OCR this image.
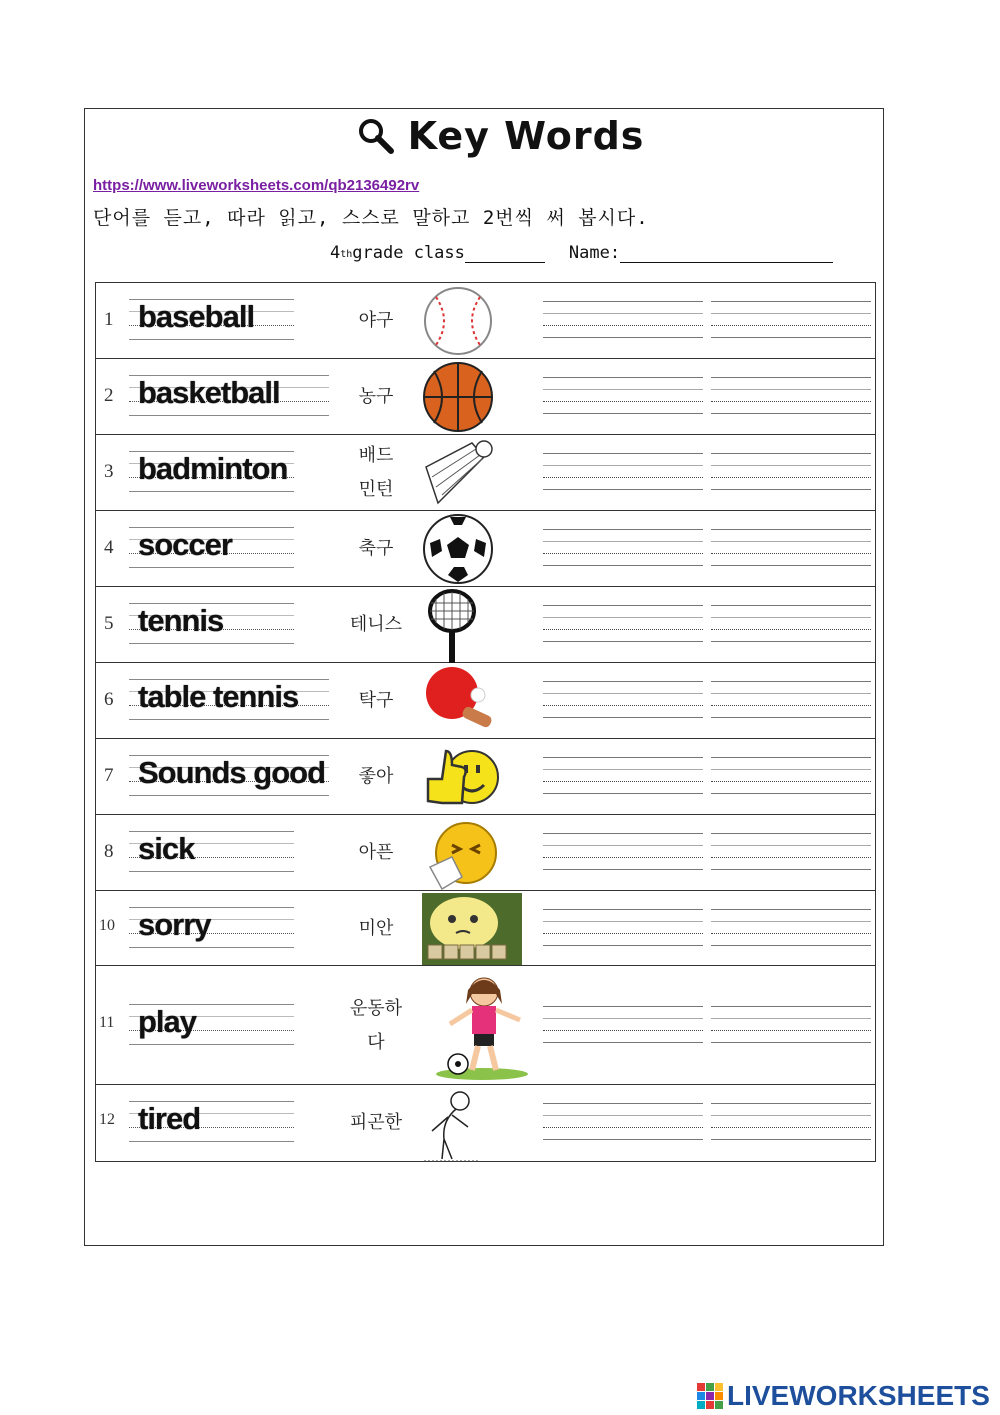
Key Words
https://www.liveworksheets.com/qb2136492rv
단어를 듣고, 따라 읽고, 스스로 말하고 2번씩 써 봅시다.
4th grade class	Name:
1 baseball	야구
2 basketball	농구
3 badminton	배드
민턴
4 soccer	축구
5 tennis	테니스
6 table tennis	탁구
7 Sounds good	좋아
8 sick	아픈
10 sorry	미안
11 play	운동하
다
12 tired	피곤한
LIVEWORKSHEETS
